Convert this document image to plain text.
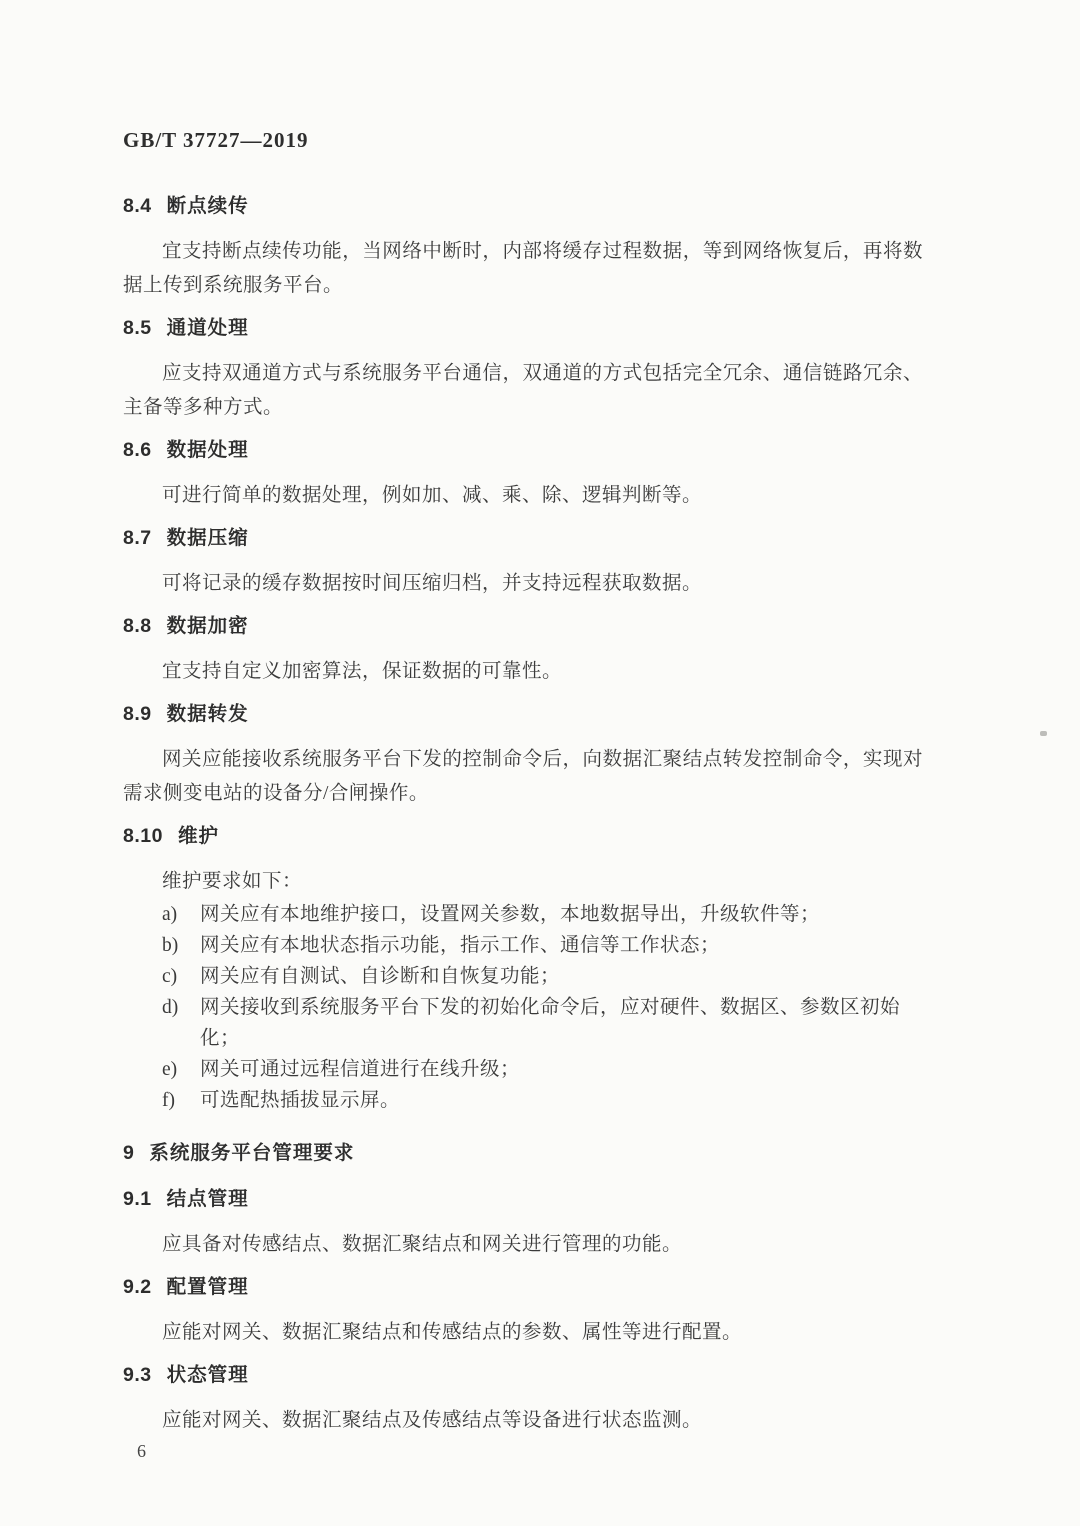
GB/T 37727—2019
8.4 断点续传

宜支持断点续传功能，当网络中断时，内部将缓存过程数据，等到网络恢复后，再将数据上传到系统服务平台。

8.5 通道处理

应支持双通道方式与系统服务平台通信，双通道的方式包括完全冗余、通信链路冗余、主备等多种方式。

8.6 数据处理

可进行简单的数据处理，例如加、减、乘、除、逻辑判断等。

8.7 数据压缩

可将记录的缓存数据按时间压缩归档，并支持远程获取数据。

8.8 数据加密

宜支持自定义加密算法，保证数据的可靠性。

8.9 数据转发

网关应能接收系统服务平台下发的控制命令后，向数据汇聚结点转发控制命令，实现对需求侧变电站的设备分/合闸操作。

8.10 维护

维护要求如下：

a)	网关应有本地维护接口，设置网关参数，本地数据导出，升级软件等；
b)	网关应有本地状态指示功能，指示工作、通信等工作状态；
c)	网关应有自测试、自诊断和自恢复功能；
d)	网关接收到系统服务平台下发的初始化命令后，应对硬件、数据区、参数区初始化；
e)	网关可通过远程信道进行在线升级；
f)	可选配热插拔显示屏。
9 系统服务平台管理要求
9.1 结点管理

应具备对传感结点、数据汇聚结点和网关进行管理的功能。

9.2 配置管理

应能对网关、数据汇聚结点和传感结点的参数、属性等进行配置。

9.3 状态管理

应能对网关、数据汇聚结点及传感结点等设备进行状态监测。

6
